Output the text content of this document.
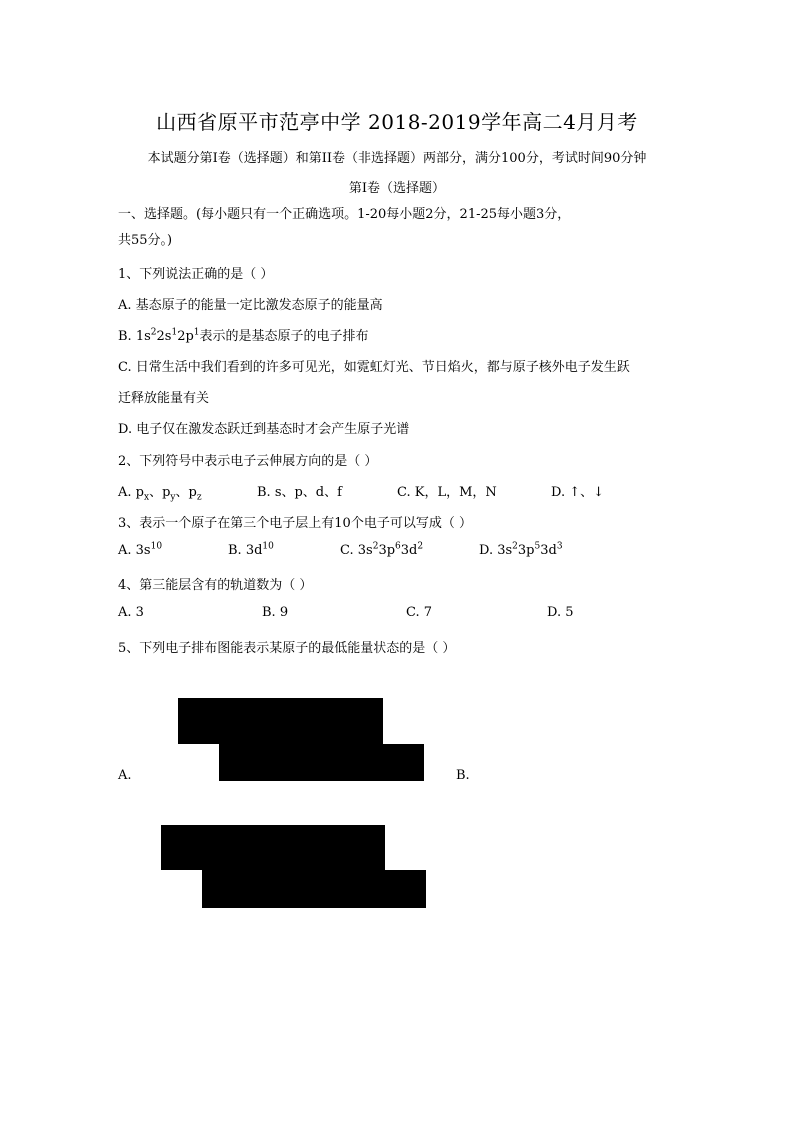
山西省原平市范亭中学 2018-2019学年高二4月月考
本试题分第I卷（选择题）和第II卷（非选择题）两部分，满分100分，考试时间90分钟
第I卷（选择题）
一、选择题。(每小题只有一个正确选项。1-20每小题2分，21-25每小题3分，
共55分。)
1、下列说法正确的是（ ）
A. 基态原子的能量一定比激发态原子的能量高
B. $1s^22s^12p^1$表示的是基态原子的电子排布
C. 日常生活中我们看到的许多可见光，如霓虹灯光、节日焰火，都与原子核外电子发生跃
迁释放能量有关
D. 电子仅在激发态跃迁到基态时才会产生原子光谱
2、下列符号中表示电子云伸展方向的是（ ）
A. $p_x$、$p_y$、$p_z$	B. s、p、d、f	C. K，L，M，N	D. ↑、↓
3、表示一个原子在第三个电子层上有10个电子可以写成（ ）
A. $3s^{10}$	B. $3d^{10}$	C. $3s^23p^63d^2$	D. $3s^23p^53d^3$
4、第三能层含有的轨道数为（ ）
A. 3	B. 9	C. 7	D. 5
5、下列电子排布图能表示某原子的最低能量状态的是（ ）
A.	B.
